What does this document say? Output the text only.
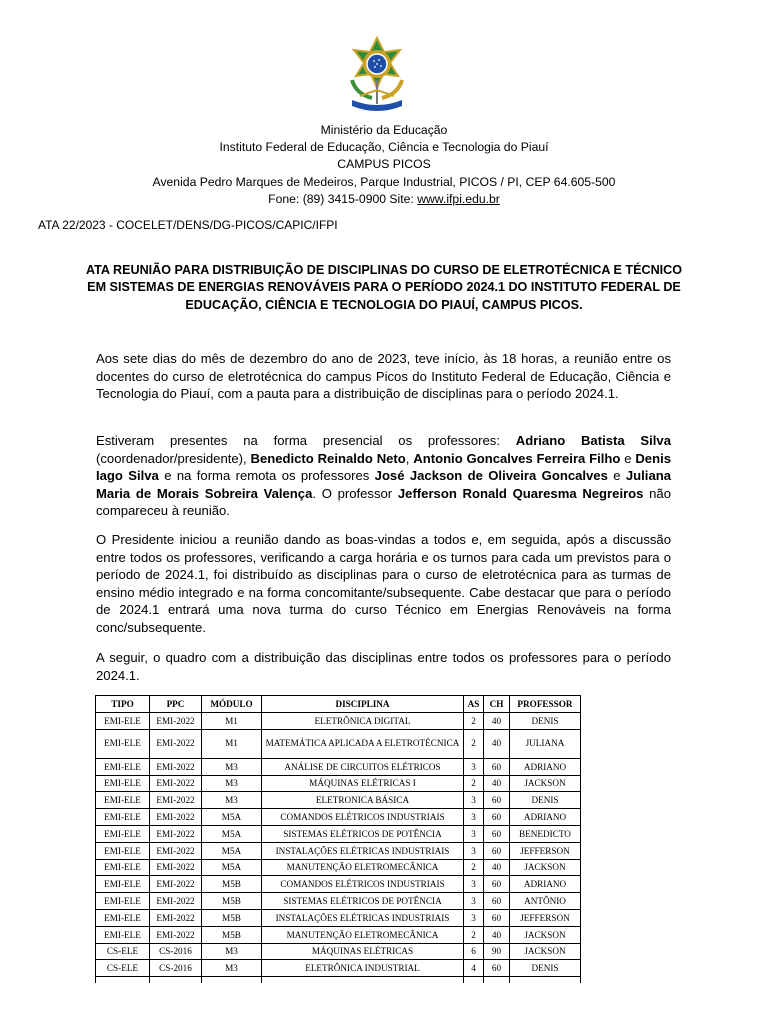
Ministério da Educação
Instituto Federal de Educação, Ciência e Tecnologia do Piauí
CAMPUS PICOS
Avenida Pedro Marques de Medeiros, Parque Industrial, PICOS / PI, CEP 64.605-500
Fone: (89) 3415-0900 Site: www.ifpi.edu.br
ATA 22/2023 - COCELET/DENS/DG-PICOS/CAPIC/IFPI
ATA REUNIÃO PARA DISTRIBUIÇÃO DE DISCIPLINAS DO CURSO DE ELETROTÉCNICA E TÉCNICO EM SISTEMAS DE ENERGIAS RENOVÁVEIS PARA O PERÍODO 2024.1 DO INSTITUTO FEDERAL DE EDUCAÇÃO, CIÊNCIA E TECNOLOGIA DO PIAUÍ, CAMPUS PICOS.

Aos sete dias do mês de dezembro do ano de 2023, teve início, às 18 horas, a reunião entre os docentes do curso de eletrotécnica do campus Picos do Instituto Federal de Educação, Ciência e Tecnologia do Piauí, com a pauta para a distribuição de disciplinas para o período 2024.1.

Estiveram presentes na forma presencial os professores: Adriano Batista Silva (coordenador/presidente), Benedicto Reinaldo Neto, Antonio Goncalves Ferreira Filho e Denis Iago Silva e na forma remota os professores José Jackson de Oliveira Goncalves e Juliana Maria de Morais Sobreira Valença. O professor Jefferson Ronald Quaresma Negreiros não compareceu à reunião.

O Presidente iniciou a reunião dando as boas-vindas a todos e, em seguida, após a discussão entre todos os professores, verificando a carga horária e os turnos para cada um previstos para o período de 2024.1, foi distribuído as disciplinas para o curso de eletrotécnica para as turmas de ensino médio integrado e na forma concomitante/subsequente. Cabe destacar que para o período de 2024.1 entrará uma nova turma do curso Técnico em Energias Renováveis na forma conc/subsequente.

A seguir, o quadro com a distribuição das disciplinas entre todos os professores para o período 2024.1.

TIPO	PPC	MÓDULO	DISCIPLINA	AS	CH	PROFESSOR
EMI-ELE	EMI-2022	M1	ELETRÔNICA DIGITAL	2	40	DENIS
EMI-ELE	EMI-2022	M1	MATEMÁTICA APLICADA A ELETROTÉCNICA	2	40	JULIANA
EMI-ELE	EMI-2022	M3	ANÁLISE DE CIRCUITOS ELÉTRICOS	3	60	ADRIANO
EMI-ELE	EMI-2022	M3	MÁQUINAS ELÉTRICAS I	2	40	JACKSON
EMI-ELE	EMI-2022	M3	ELETRONICA BÁSICA	3	60	DENIS
EMI-ELE	EMI-2022	M5A	COMANDOS ELÉTRICOS INDUSTRIAIS	3	60	ADRIANO
EMI-ELE	EMI-2022	M5A	SISTEMAS ELÉTRICOS DE POTÊNCIA	3	60	BENEDICTO
EMI-ELE	EMI-2022	M5A	INSTALAÇÕES ELÉTRICAS INDUSTRIAIS	3	60	JEFFERSON
EMI-ELE	EMI-2022	M5A	MANUTENÇÃO ELETROMECÂNICA	2	40	JACKSON
EMI-ELE	EMI-2022	M5B	COMANDOS ELÉTRICOS INDUSTRIAIS	3	60	ADRIANO
EMI-ELE	EMI-2022	M5B	SISTEMAS ELÉTRICOS DE POTÊNCIA	3	60	ANTÔNIO
EMI-ELE	EMI-2022	M5B	INSTALAÇÕES ELÉTRICAS INDUSTRIAIS	3	60	JEFFERSON
EMI-ELE	EMI-2022	M5B	MANUTENÇÃO ELETROMECÂNICA	2	40	JACKSON
CS-ELE	CS-2016	M3	MÁQUINAS ELÉTRICAS	6	90	JACKSON
CS-ELE	CS-2016	M3	ELETRÔNICA INDUSTRIAL	4	60	DENIS
